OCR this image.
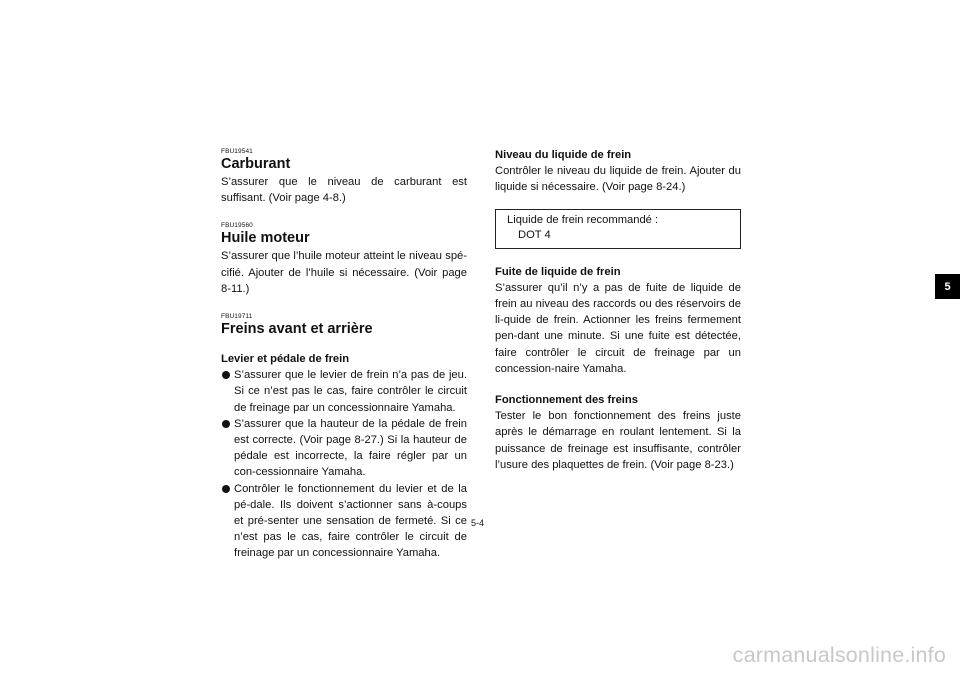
FBU19541

Carburant

S’assurer que le niveau de carburant est suffisant. (Voir page 4-8.)

FBU19560

Huile moteur

S’assurer que l’huile moteur atteint le niveau spé-cifié. Ajouter de l’huile si nécessaire. (Voir page 8-11.)

FBU19711

Freins avant et arrière

Levier et pédale de frein

S’assurer que le levier de frein n’a pas de jeu. Si ce n’est pas le cas, faire contrôler le circuit de freinage par un concessionnaire Yamaha.
S’assurer que la hauteur de la pédale de frein est correcte. (Voir page 8-27.) Si la hauteur de pédale est incorrecte, la faire régler par un con-cessionnaire Yamaha.
Contrôler le fonctionnement du levier et de la pé-dale. Ils doivent s’actionner sans à-coups et pré-senter une sensation de fermeté. Si ce n’est pas le cas, faire contrôler le circuit de freinage par un concessionnaire Yamaha.

Niveau du liquide de frein

Contrôler le niveau du liquide de frein. Ajouter du liquide si nécessaire. (Voir page 8-24.)

Liquide de frein recommandé :
DOT 4

Fuite de liquide de frein

S’assurer qu’il n’y a pas de fuite de liquide de frein au niveau des raccords ou des réservoirs de li-quide de frein. Actionner les freins fermement pen-dant une minute. Si une fuite est détectée, faire contrôler le circuit de freinage par un concession-naire Yamaha.

Fonctionnement des freins

Tester le bon fonctionnement des freins juste après le démarrage en roulant lentement. Si la puissance de freinage est insuffisante, contrôler l’usure des plaquettes de frein. (Voir page 8-23.)

5
5-4
carmanualsonline.info
